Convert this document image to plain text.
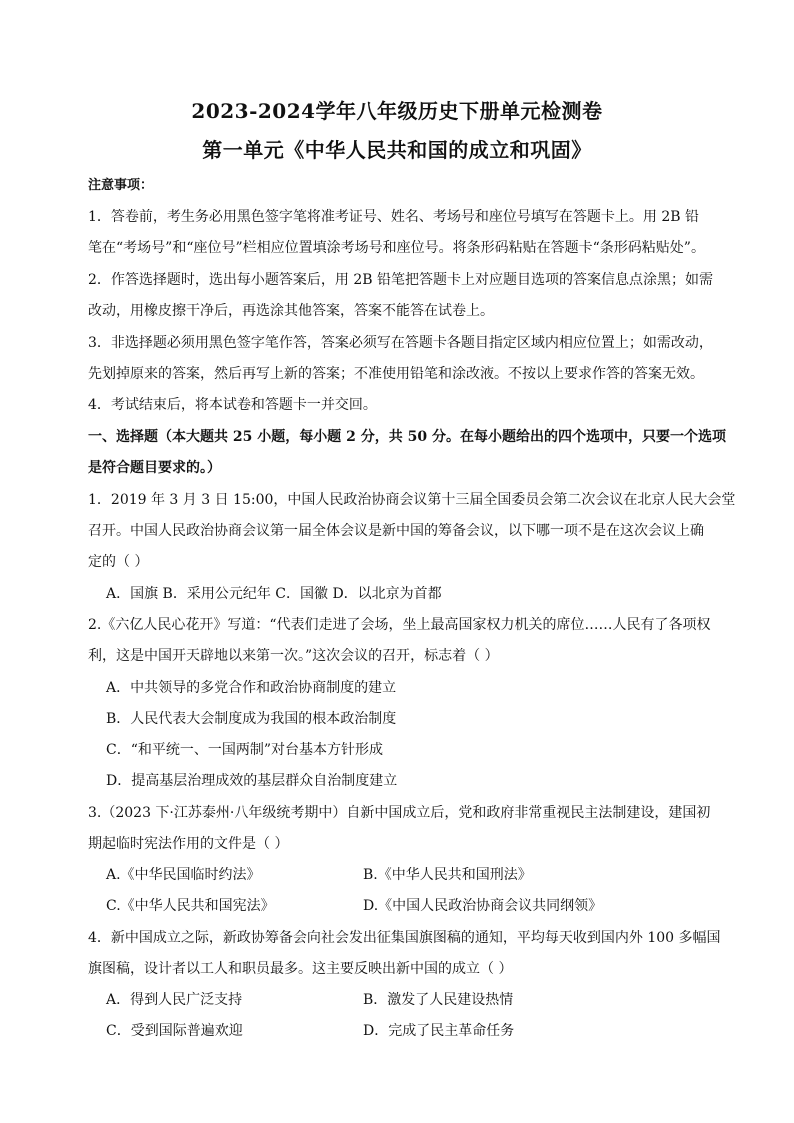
2023-2024学年八年级历史下册单元检测卷
第一单元《中华人民共和国的成立和巩固》
注意事项：
1．答卷前，考生务必用黑色签字笔将准考证号、姓名、考场号和座位号填写在答题卡上。用 2B 铅
笔在“考场号”和“座位号”栏相应位置填涂考场号和座位号。将条形码粘贴在答题卡“条形码粘贴处”。
2．作答选择题时，选出每小题答案后，用 2B 铅笔把答题卡上对应题目选项的答案信息点涂黑；如需
改动，用橡皮擦干净后，再选涂其他答案，答案不能答在试卷上。
3．非选择题必须用黑色签字笔作答，答案必须写在答题卡各题目指定区域内相应位置上；如需改动，
先划掉原来的答案，然后再写上新的答案；不准使用铅笔和涂改液。不按以上要求作答的答案无效。
4．考试结束后，将本试卷和答题卡一并交回。
一、选择题（本大题共 25 小题，每小题 2 分，共 50 分。在每小题给出的四个选项中，只要一个选项
是符合题目要求的。）
1．2019 年 3 月 3 日 15:00，中国人民政治协商会议第十三届全国委员会第二次会议在北京人民大会堂
召开。中国人民政治协商会议第一届全体会议是新中国的筹备会议，以下哪一项不是在这次会议上确
定的（ ）
A．国旗 B．采用公元纪年 C．国徽 D．以北京为首都
2.《六亿人民心花开》写道：“代表们走进了会场，坐上最高国家权力机关的席位……人民有了各项权
利，这是中国开天辟地以来第一次。”这次会议的召开，标志着（ ）
A．中共领导的多党合作和政治协商制度的建立
B．人民代表大会制度成为我国的根本政治制度
C．“和平统一、一国两制”对台基本方针形成
D．提高基层治理成效的基层群众自治制度建立
3.（2023 下·江苏泰州·八年级统考期中）自新中国成立后，党和政府非常重视民主法制建设，建国初
期起临时宪法作用的文件是（ ）
A.《中华民国临时约法》	B.《中华人民共和国刑法》
C.《中华人民共和国宪法》	D.《中国人民政治协商会议共同纲领》
4．新中国成立之际，新政协筹备会向社会发出征集国旗图稿的通知，平均每天收到国内外 100 多幅国
旗图稿，设计者以工人和职员最多。这主要反映出新中国的成立（ ）
A．得到人民广泛支持	B．激发了人民建设热情
C．受到国际普遍欢迎	D．完成了民主革命任务
